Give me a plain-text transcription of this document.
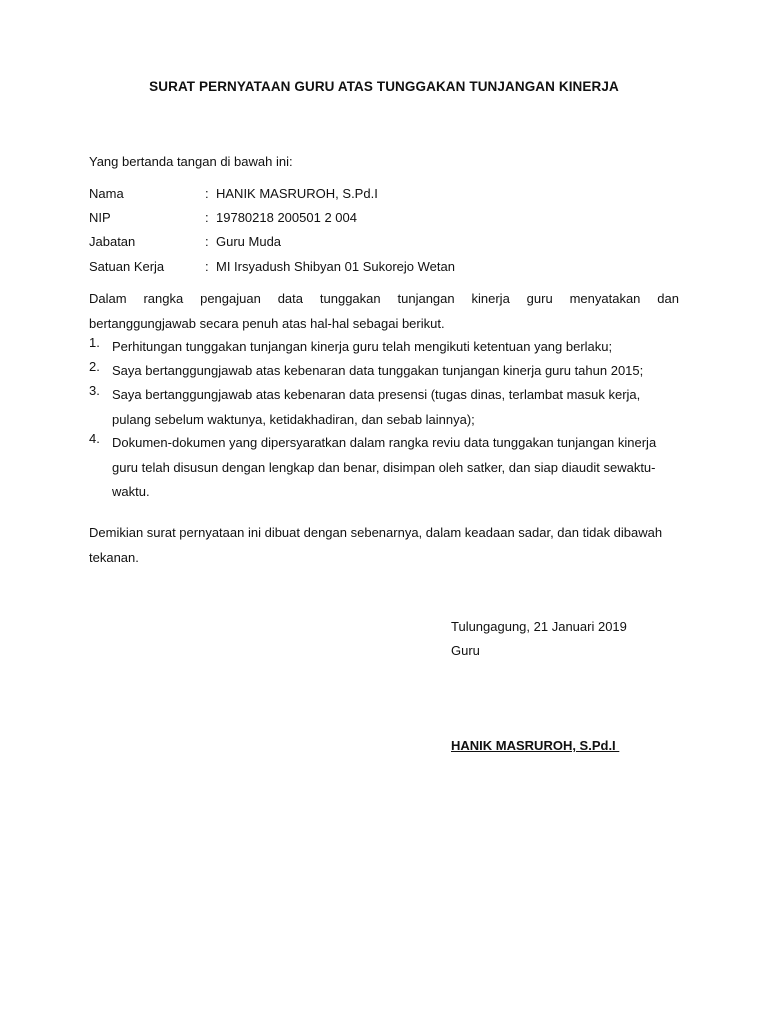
SURAT PERNYATAAN GURU ATAS TUNGGAKAN TUNJANGAN KINERJA
Yang bertanda tangan di bawah ini:
Nama	: HANIK MASRUROH, S.Pd.I
NIP	: 19780218 200501 2 004
Jabatan	: Guru Muda
Satuan Kerja	: MI Irsyadush Shibyan 01 Sukorejo Wetan
Dalam rangka pengajuan data tunggakan tunjangan kinerja guru menyatakan dan
bertanggungjawab secara penuh atas hal-hal sebagai berikut.
1. Perhitungan tunggakan tunjangan kinerja guru telah mengikuti ketentuan yang berlaku;
2. Saya bertanggungjawab atas kebenaran data tunggakan tunjangan kinerja guru tahun 2015;
3. Saya bertanggungjawab atas kebenaran data presensi (tugas dinas, terlambat masuk kerja, pulang sebelum waktunya, ketidakhadiran, dan sebab lainnya);
4. Dokumen-dokumen yang dipersyaratkan dalam rangka reviu data tunggakan tunjangan kinerja guru telah disusun dengan lengkap dan benar, disimpan oleh satker, dan siap diaudit sewaktu-waktu.
Demikian surat pernyataan ini dibuat dengan sebenarnya, dalam keadaan sadar, dan tidak dibawah tekanan.
Tulungagung, 21 Januari 2019
Guru
HANIK MASRUROH, S.Pd.I
